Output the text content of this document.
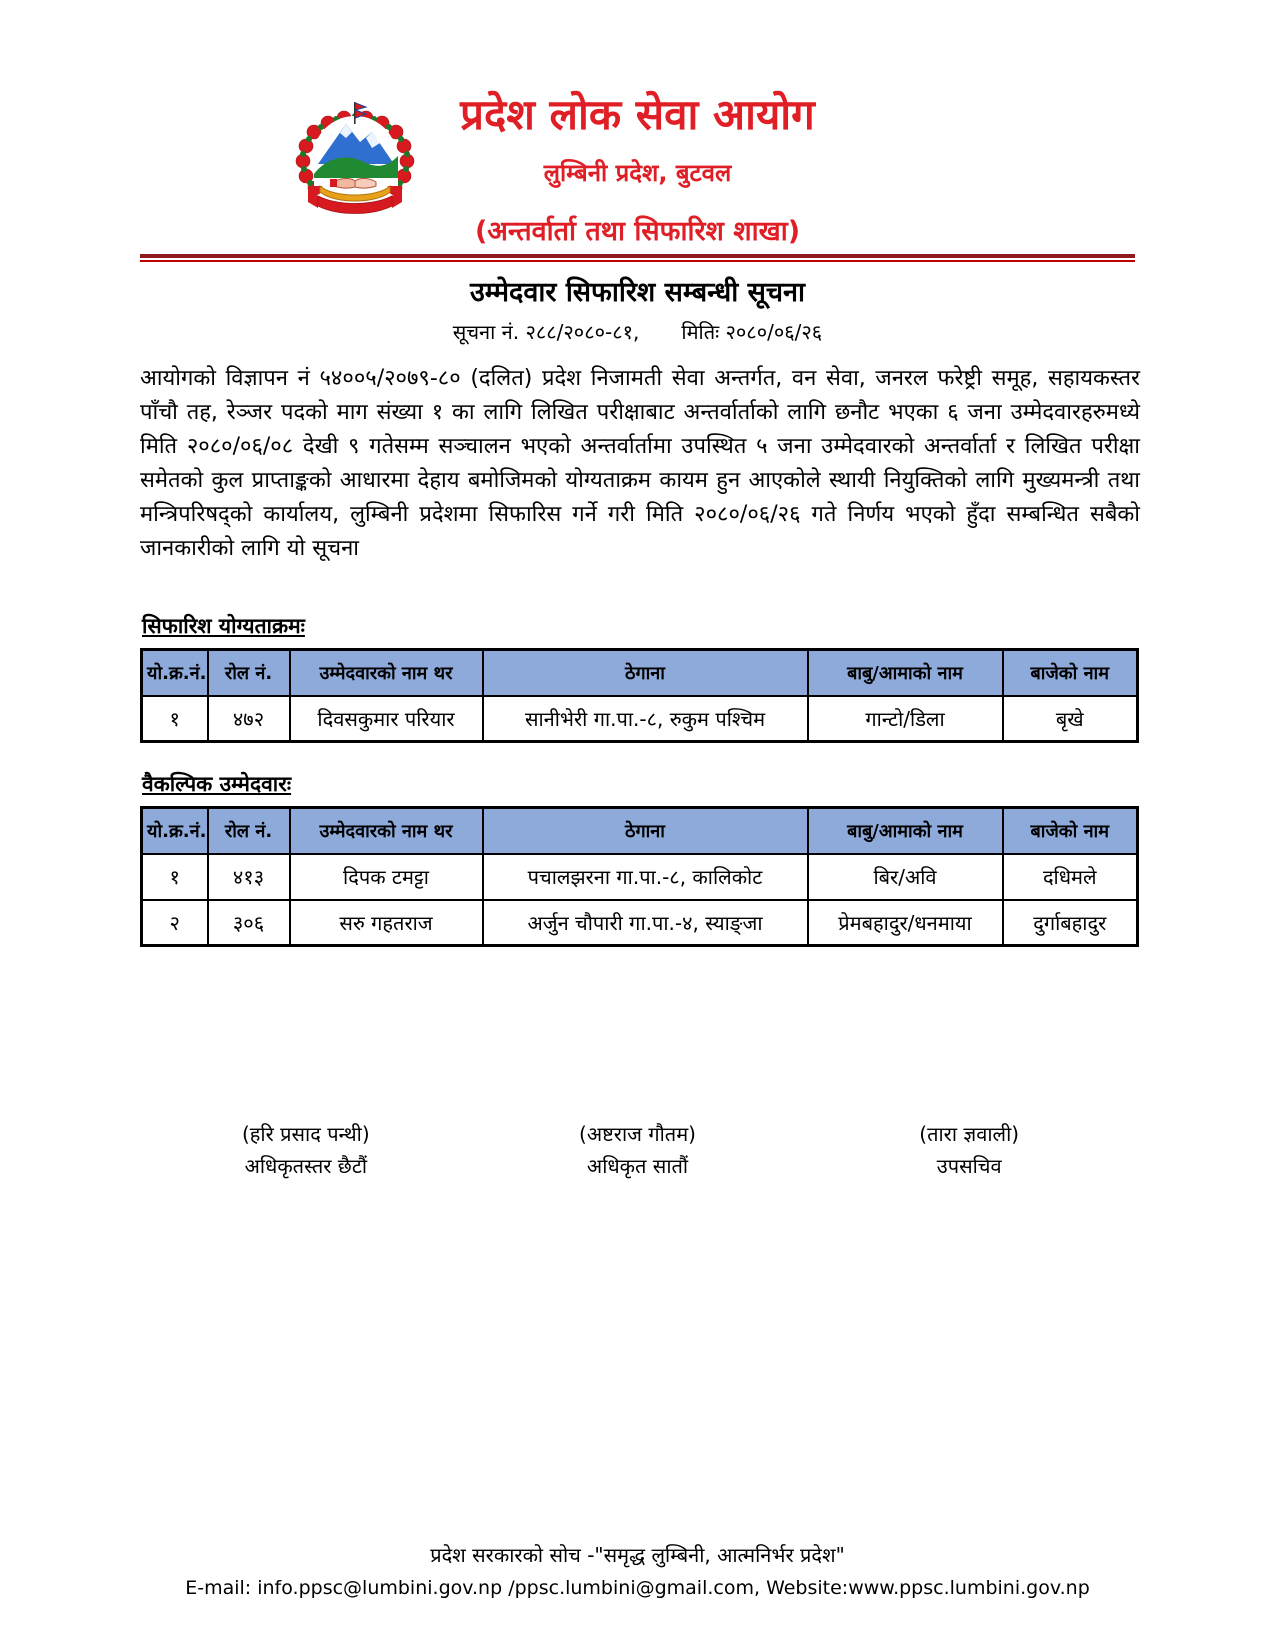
प्रदेश लोक सेवा आयोग
लुम्बिनी प्रदेश, बुटवल
(अन्तर्वार्ता तथा सिफारिश शाखा)
उम्मेदवार सिफारिश सम्बन्धी सूचना
सूचना नं. २८८/२०८०-८१, मितिः २०८०/०६/२६

आयोगको विज्ञापन नं ५४००५/२०७९-८० (दलित) प्रदेश निजामती सेवा अन्तर्गत, वन सेवा, जनरल फरेष्ट्री समूह, सहायकस्तर पाँचौ तह, रेञ्जर पदको माग संख्या १ का लागि लिखित परीक्षाबाट अन्तर्वार्ताको लागि छनौट भएका ६ जना उम्मेदवारहरुमध्ये मिति २०८०/०६/०८ देखी ९ गतेसम्म सञ्चालन भएको अन्तर्वार्तामा उपस्थित ५ जना उम्मेदवारको अन्तर्वार्ता र लिखित परीक्षा समेतको कुल प्राप्ताङ्कको आधारमा देहाय बमोजिमको योग्यताक्रम कायम हुन आएकोले स्थायी नियुक्तिको लागि मुख्यमन्त्री तथा मन्त्रिपरिषद्को कार्यालय, लुम्बिनी प्रदेशमा सिफारिस गर्ने गरी मिति २०८०/०६/२६ गते निर्णय भएको हुँदा सम्बन्धित सबैको जानकारीको लागि यो सूचना

सिफारिश योग्यताक्रमः
यो.क्र.नं.	रोल नं.	उम्मेदवारको नाम थर	ठेगाना	बाबु/आमाको नाम	बाजेको नाम
१	४७२	दिवसकुमार परियार	सानीभेरी गा.पा.-८, रुकुम पश्चिम	गान्टो/डिला	बृखे
वैकल्पिक उम्मेदवारः
यो.क्र.नं.	रोल नं.	उम्मेदवारको नाम थर	ठेगाना	बाबु/आमाको नाम	बाजेको नाम
१	४१३	दिपक टमट्टा	पचालझरना गा.पा.-८, कालिकोट	बिर/अवि	दधिमले
२	३०६	सरु गहतराज	अर्जुन चौपारी गा.पा.-४, स्याङ्जा	प्रेमबहादुर/धनमाया	दुर्गाबहादुर
(हरि प्रसाद पन्थी)
अधिकृतस्तर छैटौं
(अष्टराज गौतम)
अधिकृत सातौं
(तारा ज्ञवाली)
उपसचिव
प्रदेश सरकारको सोच -"समृद्ध लुम्बिनी, आत्मनिर्भर प्रदेश"
E-mail: info.ppsc@lumbini.gov.np /ppsc.lumbini@gmail.com, Website:www.ppsc.lumbini.gov.np
